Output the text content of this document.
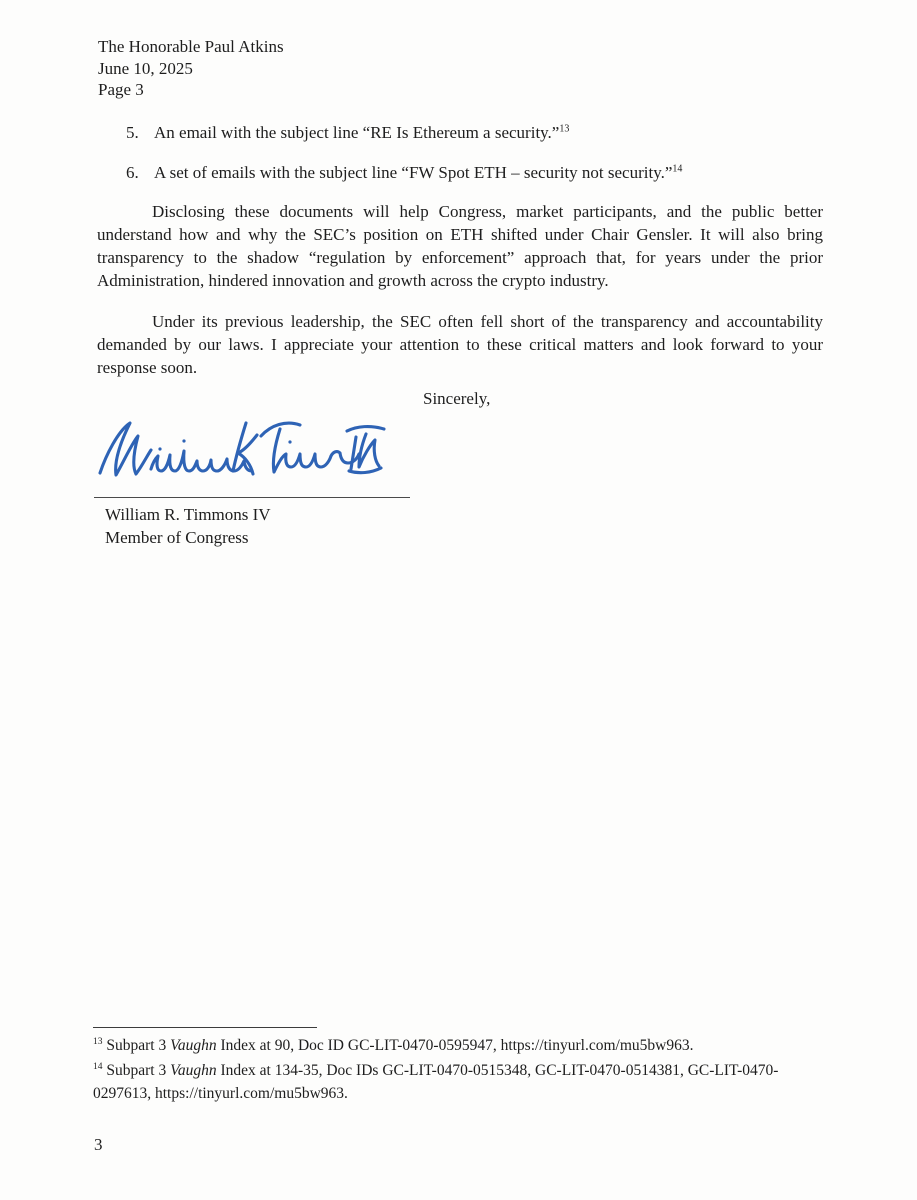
The Honorable Paul Atkins
June 10, 2025
Page 3
5. An email with the subject line “RE Is Ethereum a security.”$^{13}$
6. A set of emails with the subject line “FW Spot ETH – security not security.”$^{14}$

Disclosing these documents will help Congress, market participants, and the public better understand how and why the SEC’s position on ETH shifted under Chair Gensler. It will also bring transparency to the shadow “regulation by enforcement” approach that, for years under the prior Administration, hindered innovation and growth across the crypto industry.

Under its previous leadership, the SEC often fell short of the transparency and accountability demanded by our laws. I appreciate your attention to these critical matters and look forward to your response soon.

Sincerely,
William R. Timmons IV
Member of Congress

$^{13}$ Subpart 3 Vaughn Index at 90, Doc ID GC-LIT-0470-0595947, https://tinyurl.com/mu5bw963.

$^{14}$ Subpart 3 Vaughn Index at 134-35, Doc IDs GC-LIT-0470-0515348, GC-LIT-0470-0514381, GC-LIT-0470-0297613, https://tinyurl.com/mu5bw963.

3
